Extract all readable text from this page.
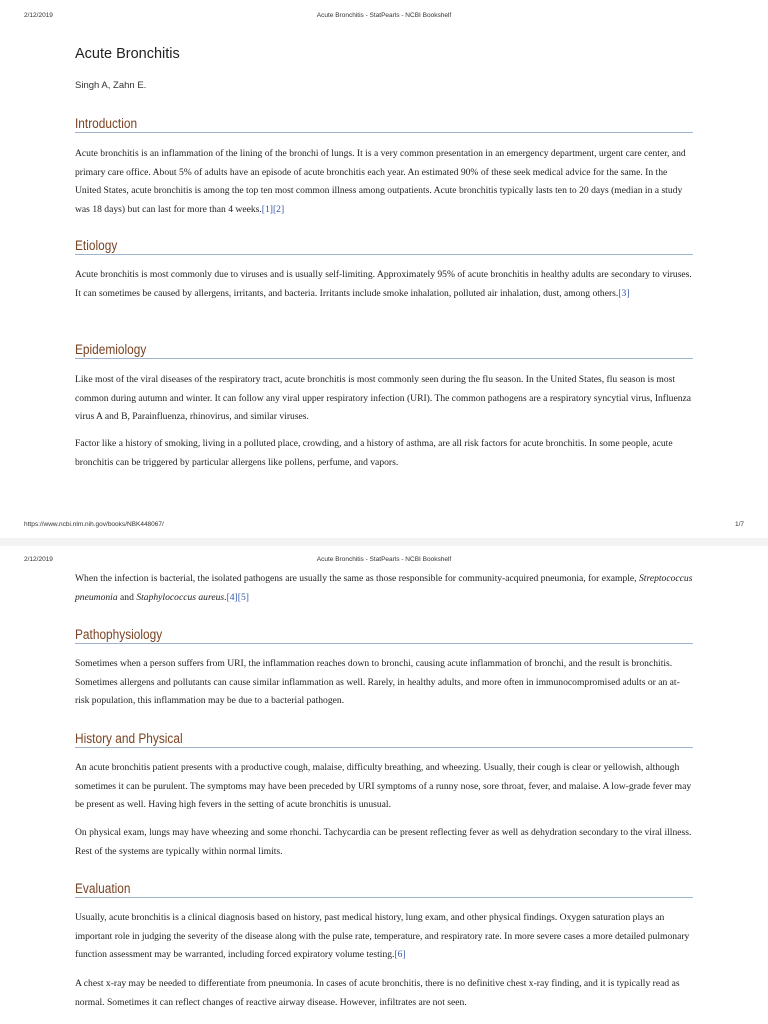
2/12/2019	Acute Bronchitis - StatPearls - NCBI Bookshelf
Acute Bronchitis
Singh A, Zahn E.
Introduction

Acute bronchitis is an inflammation of the lining of the bronchi of lungs. It is a very common presentation in an emergency department, urgent care center, and primary care office. About 5% of adults have an episode of acute bronchitis each year. An estimated 90% of these seek medical advice for the same. In the United States, acute bronchitis is among the top ten most common illness among outpatients. Acute bronchitis typically lasts ten to 20 days (median in a study was 18 days) but can last for more than 4 weeks.[1][2]

Etiology

Acute bronchitis is most commonly due to viruses and is usually self-limiting. Approximately 95% of acute bronchitis in healthy adults are secondary to viruses. It can sometimes be caused by allergens, irritants, and bacteria. Irritants include smoke inhalation, polluted air inhalation, dust, among others.[3]

Epidemiology

Like most of the viral diseases of the respiratory tract, acute bronchitis is most commonly seen during the flu season. In the United States, flu season is most common during autumn and winter. It can follow any viral upper respiratory infection (URI). The common pathogens are a respiratory syncytial virus, Influenza virus A and B, Parainfluenza, rhinovirus, and similar viruses.

Factor like a history of smoking, living in a polluted place, crowding, and a history of asthma, are all risk factors for acute bronchitis. In some people, acute bronchitis can be triggered by particular allergens like pollens, perfume, and vapors.

https://www.ncbi.nlm.nih.gov/books/NBK448067/	1/7
2/12/2019	Acute Bronchitis - StatPearls - NCBI Bookshelf

When the infection is bacterial, the isolated pathogens are usually the same as those responsible for community-acquired pneumonia, for example, Streptococcus pneumonia and Staphylococcus aureus.[4][5]

Pathophysiology

Sometimes when a person suffers from URI, the inflammation reaches down to bronchi, causing acute inflammation of bronchi, and the result is bronchitis. Sometimes allergens and pollutants can cause similar inflammation as well. Rarely, in healthy adults, and more often in immunocompromised adults or an at-risk population, this inflammation may be due to a bacterial pathogen.

History and Physical

An acute bronchitis patient presents with a productive cough, malaise, difficulty breathing, and wheezing. Usually, their cough is clear or yellowish, although sometimes it can be purulent. The symptoms may have been preceded by URI symptoms of a runny nose, sore throat, fever, and malaise. A low-grade fever may be present as well. Having high fevers in the setting of acute bronchitis is unusual.

On physical exam, lungs may have wheezing and some rhonchi. Tachycardia can be present reflecting fever as well as dehydration secondary to the viral illness. Rest of the systems are typically within normal limits.

Evaluation

Usually, acute bronchitis is a clinical diagnosis based on history, past medical history, lung exam, and other physical findings. Oxygen saturation plays an important role in judging the severity of the disease along with the pulse rate, temperature, and respiratory rate. In more severe cases a more detailed pulmonary function assessment may be warranted, including forced expiratory volume testing.[6]

A chest x-ray may be needed to differentiate from pneumonia. In cases of acute bronchitis, there is no definitive chest x-ray finding, and it is typically read as normal. Sometimes it can reflect changes of reactive airway disease. However, infiltrates are not seen.
